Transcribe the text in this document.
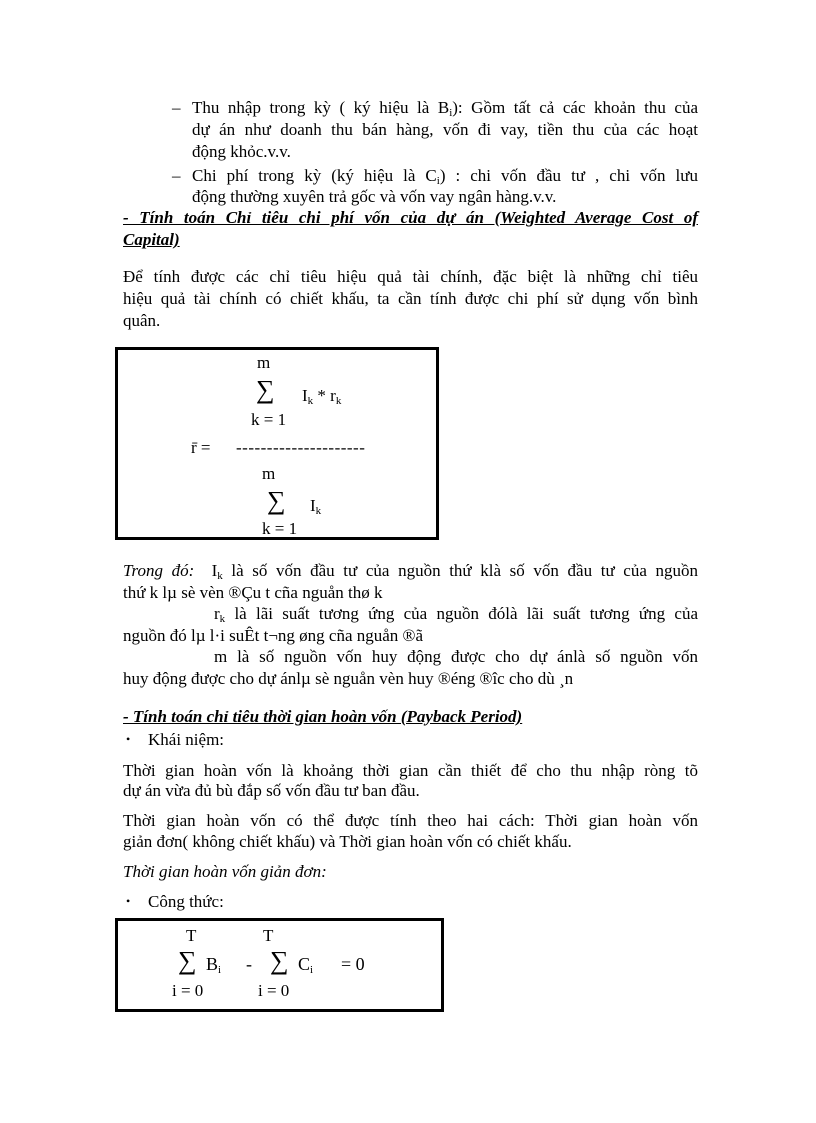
– Thu nhập trong kỳ ( ký hiệu là $B_i$): Gồm tất cả các khoản thu của
dự án như doanh thu bán hàng, vốn đi vay, tiền thu của các hoạt
động khỏc.v.v.
– Chi phí trong kỳ (ký hiệu là $C_i$) : chi vốn đầu tư , chi vốn lưu
động thường xuyên trả gốc và vốn vay ngân hàng.v.v.
- Tính toán Chỉ tiêu chi phí vốn của dự án (Weighted Average Cost of
Capital)
Để tính được các chỉ tiêu hiệu quả tài chính, đặc biệt là những chỉ tiêu
hiệu quả tài chính có chiết khấu, ta cần tính được chi phí sử dụng vốn bình
quân.
m
∑ $I_k * r_k$
k = 1
r̄ = ---------------------
m
∑ $I_k$
k = 1
Trong đó: $I_k$ là số vốn đầu tư của nguồn thứ klà số vốn đầu tư của nguồn
thứ k lµ sè vèn ®Çu t cña nguån thø k
$r_k$ là lãi suất tương ứng của nguồn đólà lãi suất tương ứng của
nguồn đó lµ l·i suÊt t¬ng øng cña nguån ®ã
m là số nguồn vốn huy động được cho dự ánlà số nguồn vốn
huy động được cho dự ánlµ sè nguån vèn huy ®éng ®îc cho dù ¸n
- Tính toán chỉ tiêu thời gian hoàn vốn (Payback Period)
• Khái niệm:
Thời gian hoàn vốn là khoảng thời gian cần thiết để cho thu nhập ròng tõ
dự án vừa đủ bù đắp số vốn đầu tư ban đầu.
Thời gian hoàn vốn có thể được tính theo hai cách: Thời gian hoàn vốn
giản đơn( không chiết khấu) và Thời gian hoàn vốn có chiết khấu.
Thời gian hoàn vốn giản đơn:
• Công thức:
T	T
∑ $B_i$ - ∑ $C_i = 0$
i = 0	i = 0
